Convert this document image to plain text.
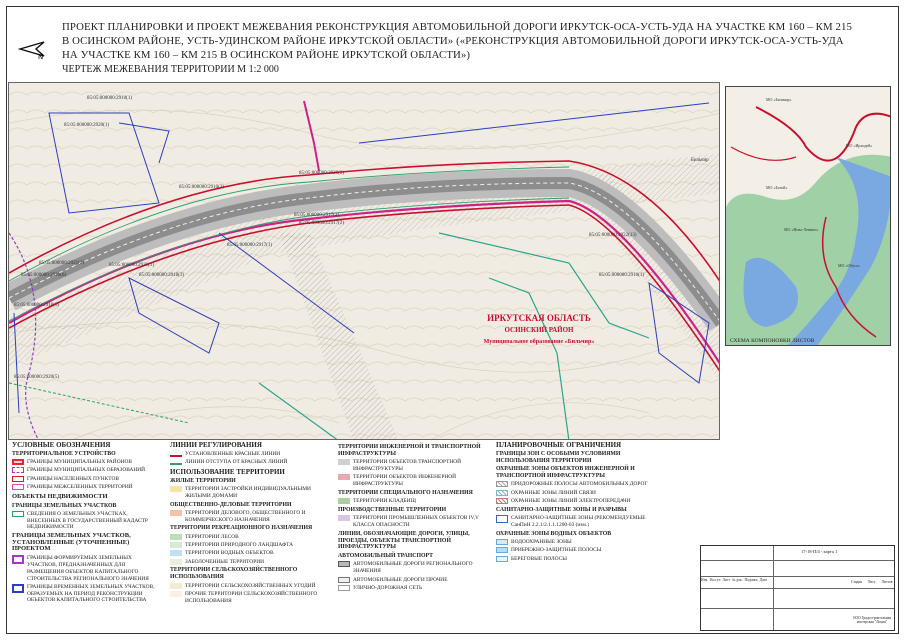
N
ПРОЕКТ ПЛАНИРОВКИ И ПРОЕКТ МЕЖЕВАНИЯ РЕКОНСТРУКЦИЯ АВТОМОБИЛЬНОЙ ДОРОГИ ИРКУТСК-ОСА-УСТЬ-УДА НА УЧАСТКЕ КМ 160 – КМ 215 В ОСИНСКОМ РАЙОНЕ, УСТЬ-УДИНСКОМ РАЙОНЕ ИРКУТСКОЙ ОБЛАСТИ» («РЕКОНСТРУКЦИЯ АВТОМОБИЛЬНОЙ ДОРОГИ ИРКУТСК-ОСА-УСТЬ-УДА НА УЧАСТКЕ КМ 160 – КМ 215 В ОСИНСКОМ РАЙОНЕ ИРКУТСКОЙ ОБЛАСТИ»)
ЧЕРТЕЖ МЕЖЕВАНИЯ ТЕРРИТОРИИ М 1:2 000
85:05:000000:2910(1)
85:05:000000:2920(1)
85:05:000000:2910(2)
85:05:000000:2920(2)
85:05:000000:2917(3)
85:05:000000:2917(2)
85:05:000000:2917(1)
85:05:000000:2921(2)	85:05:000000:2921(1)
85:05:000000:2922(13)
85:05:000000:2920(6)	85:05:000000:2918(3)	85:05:000000:2916(1)
85:05:000000:2918(6)
85:05:000000:2920(5)
Бильчир
ИРКУТСКАЯ ОБЛАСТЬ
ОСИНСКИЙ РАЙОН
Муниципальное образование «Бильчир»
МО «Бильчир»
МО «Ирхидей»
МО «Бозой»
МО «Ново-Ленино»
МО «Обуса»
СХЕМА КОМПОНОВКИ ЛИСТОВ
УСЛОВНЫЕ ОБОЗНАЧЕНИЯ
ТЕРРИТОРИАЛЬНОЕ УСТРОЙСТВО
ГРАНИЦЫ МУНИЦИПАЛЬНЫХ РАЙОНОВ
ГРАНИЦЫ МУНИЦИПАЛЬНЫХ ОБРАЗОВАНИЙ
ГРАНИЦЫ НАСЕЛЕННЫХ ПУНКТОВ
ГРАНИЦЫ МЕЖСЕЛЕННЫХ ТЕРРИТОРИЙ
ОБЪЕКТЫ НЕДВИЖИМОСТИ
ГРАНИЦЫ ЗЕМЕЛЬНЫХ УЧАСТКОВ
СВЕДЕНИЯ О ЗЕМЕЛЬНЫХ УЧАСТКАХ, ВНЕСЕННЫХ В ГОСУДАРСТВЕННЫЙ КАДАСТР НЕДВИЖИМОСТИ
ГРАНИЦЫ ЗЕМЕЛЬНЫХ УЧАСТКОВ, УСТАНОВЛЕННЫЕ (УТОЧНЕННЫЕ) ПРОЕКТОМ
ГРАНИЦЫ ФОРМИРУЕМЫХ ЗЕМЕЛЬНЫХ УЧАСТКОВ, ПРЕДНАЗНАЧЕННЫХ ДЛЯ РАЗМЕЩЕНИЯ ОБЪЕКТОВ КАПИТАЛЬНОГО СТРОИТЕЛЬСТВА РЕГИОНАЛЬНОГО ЗНАЧЕНИЯ
ГРАНИЦЫ ВРЕМЕННЫХ ЗЕМЕЛЬНЫХ УЧАСТКОВ, ОБРАЗУЕМЫХ НА ПЕРИОД РЕКОНСТРУКЦИИ ОБЪЕКТОВ КАПИТАЛЬНОГО СТРОИТЕЛЬСТВА
ЛИНИИ РЕГУЛИРОВАНИЯ
УСТАНОВЛЕННЫЕ КРАСНЫЕ ЛИНИИ
ЛИНИИ ОТСТУПА ОТ КРАСНЫХ ЛИНИЙ
ИСПОЛЬЗОВАНИЕ ТЕРРИТОРИИ
ЖИЛЫЕ ТЕРРИТОРИИ
ТЕРРИТОРИИ ЗАСТРОЙКИ ИНДИВИДУАЛЬНЫМИ ЖИЛЫМИ ДОМАМИ
ОБЩЕСТВЕННО-ДЕЛОВЫЕ ТЕРРИТОРИИ
ТЕРРИТОРИИ ДЕЛОВОГО, ОБЩЕСТВЕННОГО И КОММЕРЧЕСКОГО НАЗНАЧЕНИЯ
ТЕРРИТОРИИ РЕКРЕАЦИОННОГО НАЗНАЧЕНИЯ
ТЕРРИТОРИИ ЛЕСОВ
ТЕРРИТОРИИ ПРИРОДНОГО ЛАНДШАФТА
ТЕРРИТОРИИ ВОДНЫХ ОБЪЕКТОВ
ЗАБОЛОЧЕННЫЕ ТЕРРИТОРИИ
ТЕРРИТОРИИ СЕЛЬСКОХОЗЯЙСТВЕННОГО ИСПОЛЬЗОВАНИЯ
ТЕРРИТОРИИ СЕЛЬСКОХОЗЯЙСТВЕННЫХ УГОДИЙ
ПРОЧИЕ ТЕРРИТОРИИ СЕЛЬСКОХОЗЯЙСТВЕННОГО ИСПОЛЬЗОВАНИЯ
ТЕРРИТОРИИ ИНЖЕНЕРНОЙ И ТРАНСПОРТНОЙ ИНФРАСТРУКТУРЫ
ТЕРРИТОРИИ ОБЪЕКТОВ ТРАНСПОРТНОЙ ИНФРАСТРУКТУРЫ
ТЕРРИТОРИИ ОБЪЕКТОВ ИНЖЕНЕРНОЙ ИНФРАСТРУКТУРЫ
ТЕРРИТОРИИ СПЕЦИАЛЬНОГО НАЗНАЧЕНИЯ
ТЕРРИТОРИИ КЛАДБИЩ
ПРОИЗВОДСТВЕННЫЕ ТЕРРИТОРИИ
ТЕРРИТОРИИ ПРОМЫШЛЕННЫХ ОБЪЕКТОВ IV,V КЛАССА ОПАСНОСТИ
ЛИНИИ, ОБОЗНАЧАЮЩИЕ ДОРОГИ, УЛИЦЫ, ПРОЕЗДЫ, ОБЪЕКТЫ ТРАНСПОРТНОЙ ИНФРАСТРУКТУРЫ
АВТОМОБИЛЬНЫЙ ТРАНСПОРТ
АВТОМОБИЛЬНЫЕ ДОРОГИ РЕГИОНАЛЬНОГО ЗНАЧЕНИЯ
АВТОМОБИЛЬНЫЕ ДОРОГИ ПРОЧИЕ
УЛИЧНО-ДОРОЖНАЯ СЕТЬ
ПЛАНИРОВОЧНЫЕ ОГРАНИЧЕНИЯ
ГРАНИЦЫ ЗОН С ОСОБЫМИ УСЛОВИЯМИ ИСПОЛЬЗОВАНИЯ ТЕРРИТОРИИ
ОХРАННЫЕ ЗОНЫ ОБЪЕКТОВ ИНЖЕНЕРНОЙ И ТРАНСПОРТНОЙ ИНФРАСТРУКТУРЫ
ПРИДОРОЖНЫЕ ПОЛОСЫ АВТОМОБИЛЬНЫХ ДОРОГ
ОХРАННЫЕ ЗОНЫ ЛИНИЙ СВЯЗИ
ОХРАННЫЕ ЗОНЫ ЛИНИЙ ЭЛЕКТРОПЕРЕДАЧИ
САНИТАРНО-ЗАЩИТНЫЕ ЗОНЫ И РАЗРЫВЫ
САНИТАРНО-ЗАЩИТНЫЕ ЗОНЫ (РЕКОМЕНДУЕМЫЕ СанПиН 2.2.1/2.1.1.1200-03 (изм.)
ОХРАННЫЕ ЗОНЫ ВОДНЫХ ОБЪЕКТОВ
ВОДООХРАННЫЕ ЗОНЫ
ПРИБРЕЖНО-ЗАЩИТНЫЕ ПОЛОСЫ
БЕРЕГОВЫЕ ПОЛОСЫ
17-18-П/4 - карта 1
Изм. Кол.уч Лист № док. Подпись Дата	Стадия Лист Листов
ООО Градостроительная мастерская "Лоция"
